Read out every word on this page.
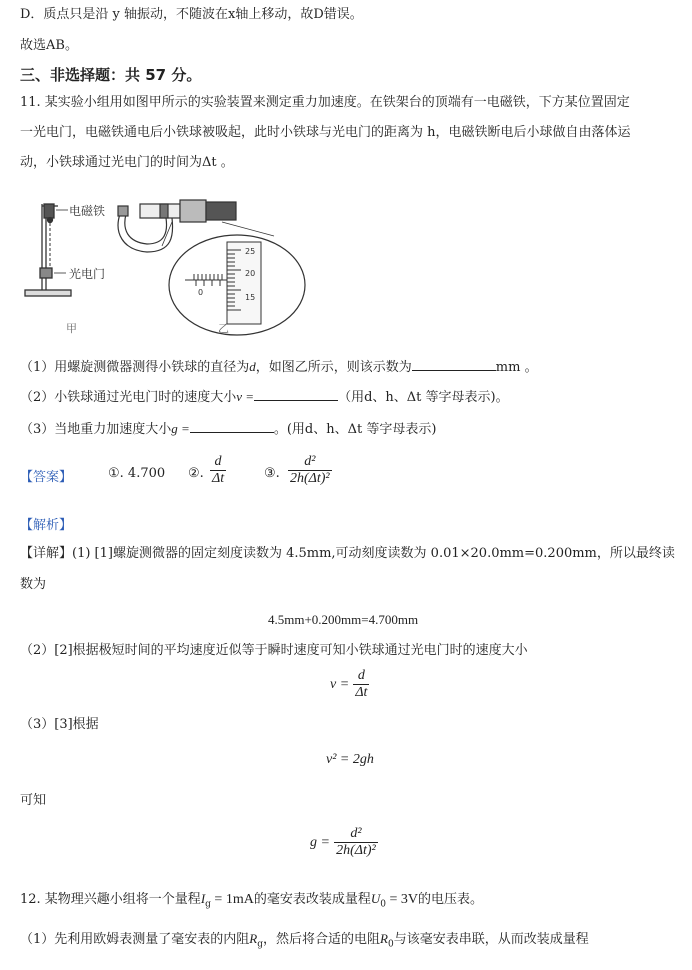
D．质点只是沿 y 轴振动，不随波在x轴上移动，故D错误。
故选AB。
三、非选择题：共 57 分。
11. 某实验小组用如图甲所示的实验装置来测定重力加速度。在铁架台的顶端有一电磁铁，下方某位置固定
一光电门，电磁铁通电后小铁球被吸起，此时小铁球与光电门的距离为 h，电磁铁断电后小球做自由落体运
动，小铁球通过光电门的时间为Δt 。
电磁铁
光电门
甲
25
20
15
0
乙
（1）用螺旋测微器测得小铁球的直径为d，如图乙所示，则该示数为	mm 。
（2）小铁球通过光电门时的速度大小v =	（用d、h、Δt 等字母表示)。
（3）当地重力加速度大小g =	。(用d、h、Δt 等字母表示)
【答案】	①. 4.700 ②. $\frac{d}{\Delta t}$	③. $\frac{\text{d²}}{\text{2h(Δt)²}}$
【解析】
【详解】(1) [1]螺旋测微器的固定刻度读数为 4.5mm,可动刻度读数为 0.01×20.0mm=0.200mm，所以最终读
数为
4.5mm+0.200mm=4.700mm
（2）[2]根据极短时间的平均速度近似等于瞬时速度可知小铁球通过光电门时的速度大小
$v = \frac{d}{\Delta t}$
（3）[3]根据
v² = 2gh
可知
$g = \frac{\text{d²}}{\text{2h(Δt)²}}$
12. 某物理兴趣小组将一个量程$I_g = 1mA$的毫安表改装成量程$U_0 = 3V$的电压表。
（1）先利用欧姆表测量了毫安表的内阻$R_g$，然后将合适的电阻$R_0$与该毫安表串联，从而改装成量程
